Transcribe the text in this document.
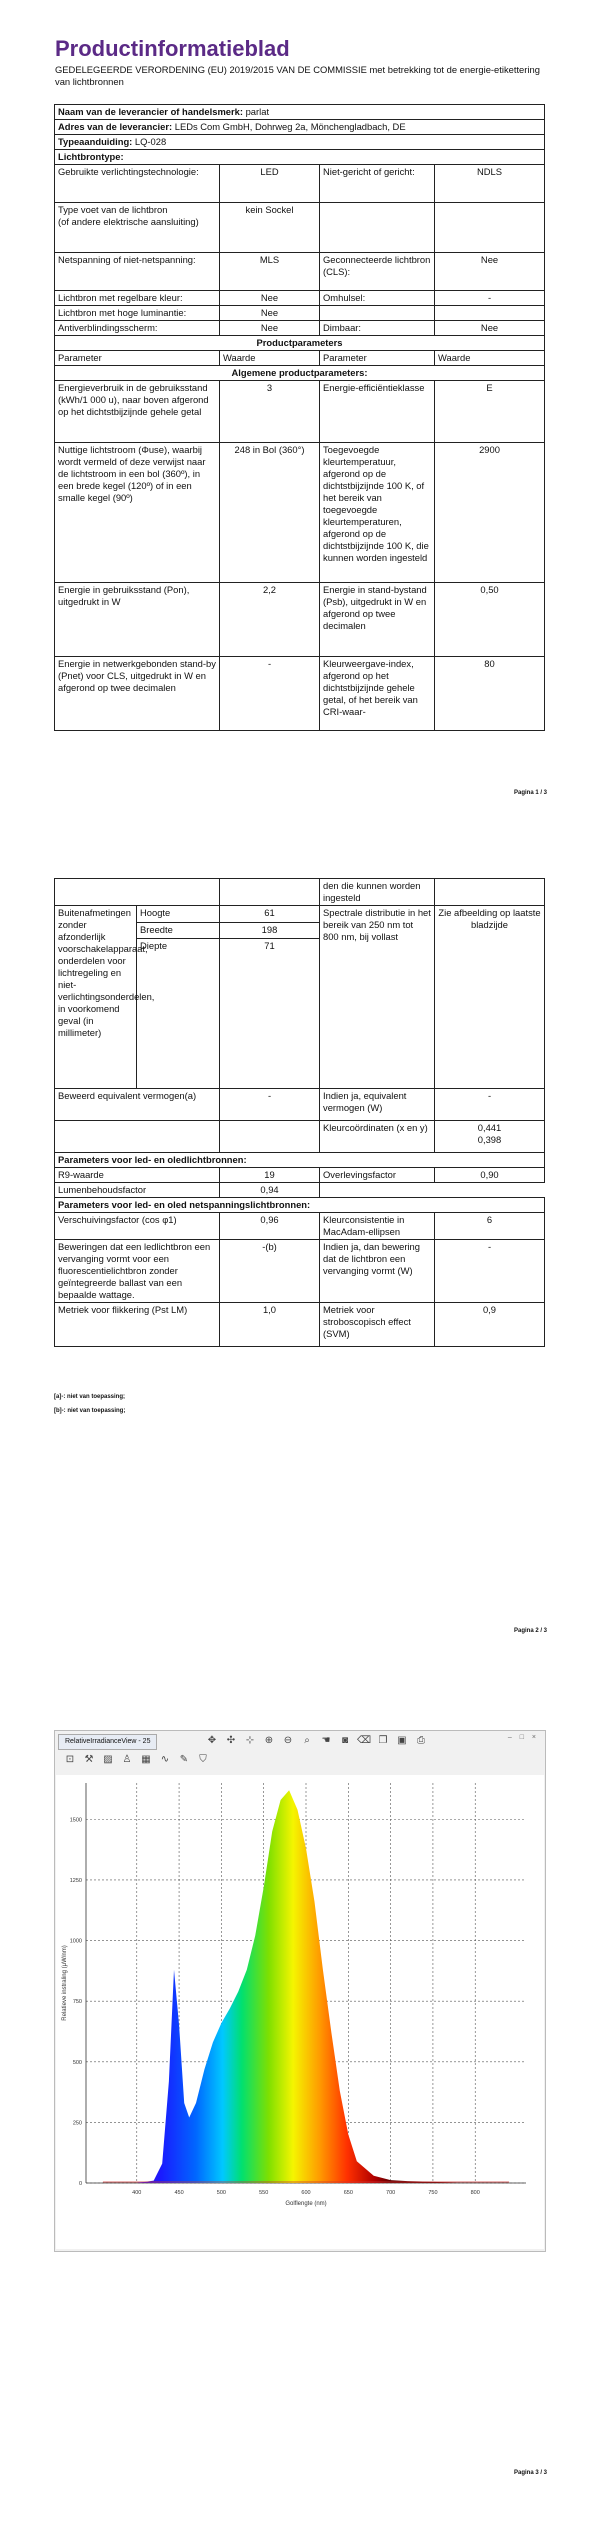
Productinformatieblad

GEDELEGEERDE VERORDENING (EU) 2019/2015 VAN DE COMMISSIE met betrekking tot de energie-etikettering van lichtbronnen

Naam van de leverancier of handelsmerk: parlat			
Adres van de leverancier: LEDs Com GmbH, Dohrweg 2a, Mönchengladbach, DE			
Typeaanduiding: LQ-028			
Lichtbrontype:			
Gebruikte verlichtingstechnologie:	LED	Niet-gericht of gericht:	NDLS
Type voet van de lichtbron
(of andere elektrische aansluiting)	kein Sockel		
Netspanning of niet-netspanning:	MLS	Geconnecteerde lichtbron (CLS):	Nee
Lichtbron met regelbare kleur:	Nee	Omhulsel:	-
Lichtbron met hoge luminantie:	Nee		
Antiverblindingsscherm:	Nee	Dimbaar:	Nee
Productparameters			
Parameter	Waarde	Parameter	Waarde
Algemene productparameters:			
Energieverbruik in de gebruiksstand (kWh/1 000 u), naar boven afgerond op het dichtstbijzijnde gehele getal	3	Energie-efficiëntieklasse	E
Nuttige lichtstroom (Φuse), waarbij wordt vermeld of deze verwijst naar de lichtstroom in een bol (360º), in een brede kegel (120º) of in een smalle kegel (90º)	248 in Bol (360°)	Toegevoegde kleurtemperatuur, afgerond op de dichtstbijzijnde 100 K, of het bereik van toegevoegde kleurtemperaturen, afgerond op de dichtstbijzijnde 100 K, die kunnen worden ingesteld	2900
Energie in gebruiksstand (Pon), uitgedrukt in W	2,2	Energie in stand-bystand (Psb), uitgedrukt in W en afgerond op twee decimalen	0,50
Energie in netwerkgebonden stand-by (Pnet) voor CLS, uitgedrukt in W en afgerond op twee decimalen	-	Kleurweergave-index, afgerond op het dichtstbijzijnde gehele getal, of het bereik van CRI-waar-	80
Pagina 1 / 3
			den die kunnen worden ingesteld	
Buitenafmetingen zonder afzonderlijk voorschakelapparaat, onderdelen voor lichtregeling en niet-verlichtingsonderdelen, in voorkomend geval (in millimeter)	Hoogte	61	Spectrale distributie in het bereik van 250 nm tot 800 nm, bij vollast	Zie afbeelding op laatste bladzijde
	Breedte	198		
	Diepte	71		
Beweerd equivalent vermogen(a)		-	Indien ja, equivalent vermogen (W)	-
			Kleurcoördinaten (x en y)	0,441
0,398

Parameters voor led- en oledlichtbronnen:				
R9-waarde		19	Overlevingsfactor	0,90
Lumenbehoudsfactor		0,94		
Parameters voor led- en oled netspanningslichtbronnen:				
Verschuivingsfactor (cos φ1)		0,96	Kleurconsistentie in MacAdam-ellipsen	6
Beweringen dat een ledlichtbron een vervanging vormt voor een fluorescentielichtbron zonder geïntegreerde ballast van een bepaalde wattage.		-(b)	Indien ja, dan bewering dat de lichtbron een vervanging vormt (W)	-
Metriek voor flikkering (Pst LM)		1,0	Metriek voor stroboscopisch effect (SVM)	0,9
[a]-: niet van toepassing;
[b]-: niet van toepassing;
Pagina 2 / 3
Pagina 3 / 3
RelativeIrradianceView - 25
– □ ×
✥ ✣ ⊹ ⊕ ⊖	⌕	☚	◙ ⌫ ❐ ▣	⎙
⊡ ⚒ ▨ ♙ ▦ ∿ ✎	⛉
0
250
500
750
1000
1250
1500
400	450	500	550	600	650	700	750	800
Relatieve instraling (μW/nm)
Golflengte (nm)
